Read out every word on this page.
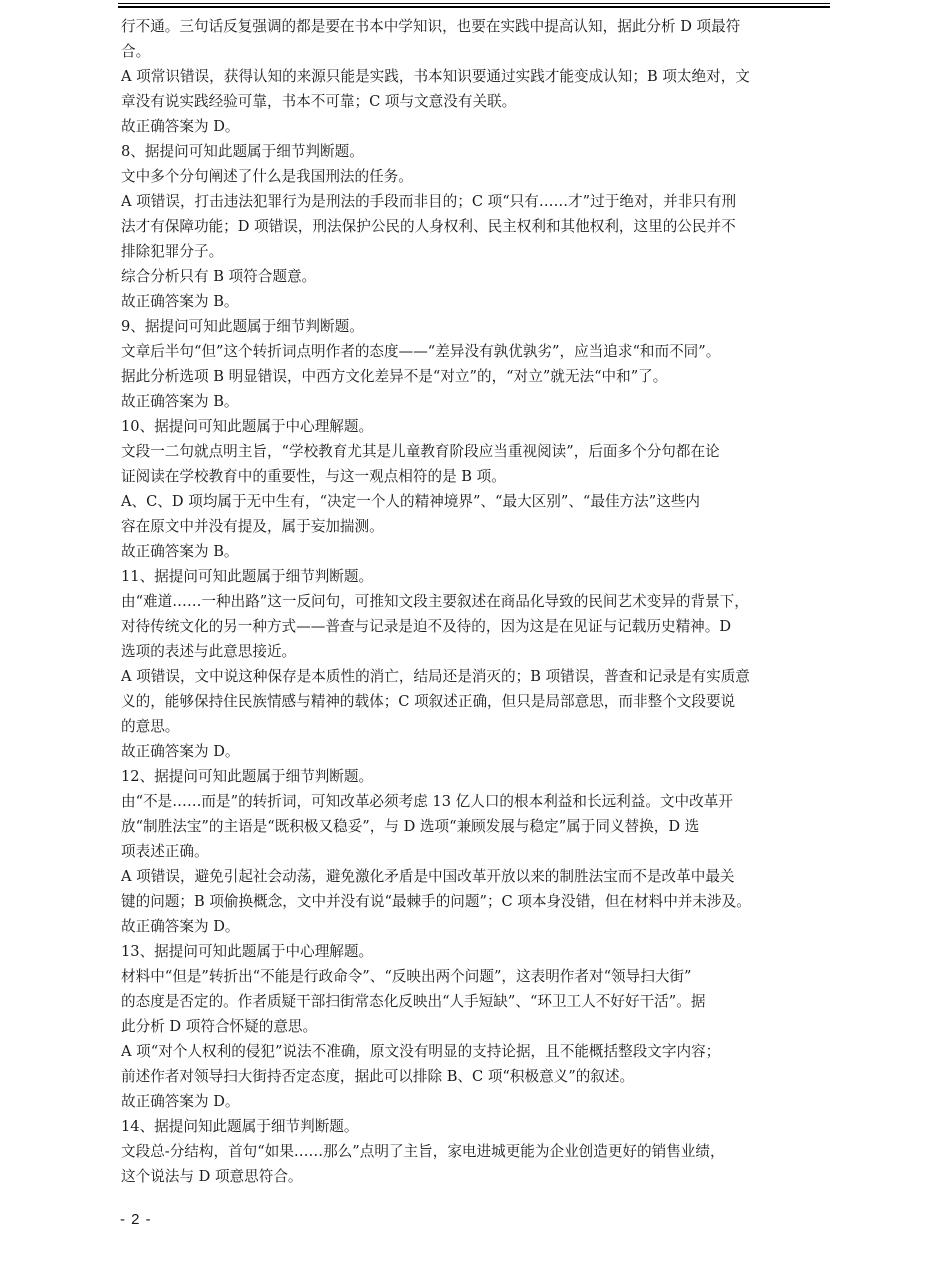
行不通。三句话反复强调的都是要在书本中学知识，也要在实践中提高认知，据此分析 D 项最符
合。
A 项常识错误，获得认知的来源只能是实践，书本知识要通过实践才能变成认知；B 项太绝对，文
章没有说实践经验可靠，书本不可靠；C 项与文意没有关联。
故正确答案为 D。
8、据提问可知此题属于细节判断题。
文中多个分句阐述了什么是我国刑法的任务。
A 项错误，打击违法犯罪行为是刑法的手段而非目的；C 项“只有……才”过于绝对，并非只有刑
法才有保障功能；D 项错误，刑法保护公民的人身权利、民主权利和其他权利，这里的公民并不
排除犯罪分子。
综合分析只有 B 项符合题意。
故正确答案为 B。
9、据提问可知此题属于细节判断题。
文章后半句“但”这个转折词点明作者的态度——“差异没有孰优孰劣”，应当追求“和而不同”。
据此分析选项 B 明显错误，中西方文化差异不是“对立”的，“对立”就无法“中和”了。
故正确答案为 B。
10、据提问可知此题属于中心理解题。
文段一二句就点明主旨，“学校教育尤其是儿童教育阶段应当重视阅读”，后面多个分句都在论
证阅读在学校教育中的重要性，与这一观点相符的是 B 项。
A、C、D 项均属于无中生有，“决定一个人的精神境界”、“最大区别”、“最佳方法”这些内
容在原文中并没有提及，属于妄加揣测。
故正确答案为 B。
11、据提问可知此题属于细节判断题。
由“难道……一种出路”这一反问句，可推知文段主要叙述在商品化导致的民间艺术变异的背景下，
对待传统文化的另一种方式——普查与记录是迫不及待的，因为这是在见证与记载历史精神。D
选项的表述与此意思接近。
A 项错误，文中说这种保存是本质性的消亡，结局还是消灭的；B 项错误，普查和记录是有实质意
义的，能够保持住民族情感与精神的载体；C 项叙述正确，但只是局部意思，而非整个文段要说
的意思。
故正确答案为 D。
12、据提问可知此题属于细节判断题。
由“不是……而是”的转折词，可知改革必须考虑 13 亿人口的根本利益和长远利益。文中改革开
放“制胜法宝”的主语是“既积极又稳妥”，与 D 选项“兼顾发展与稳定”属于同义替换，D 选
项表述正确。
A 项错误，避免引起社会动荡，避免激化矛盾是中国改革开放以来的制胜法宝而不是改革中最关
键的问题；B 项偷换概念，文中并没有说“最棘手的问题”；C 项本身没错，但在材料中并未涉及。
故正确答案为 D。
13、据提问可知此题属于中心理解题。
材料中“但是”转折出“不能是行政命令”、“反映出两个问题”，这表明作者对“领导扫大街”
的态度是否定的。作者质疑干部扫街常态化反映出“人手短缺”、“环卫工人不好好干活”。据
此分析 D 项符合怀疑的意思。
A 项“对个人权利的侵犯”说法不准确，原文没有明显的支持论据，且不能概括整段文字内容；
前述作者对领导扫大街持否定态度，据此可以排除 B、C 项“积极意义”的叙述。
故正确答案为 D。
14、据提问知此题属于细节判断题。
文段总-分结构，首句“如果……那么”点明了主旨，家电进城更能为企业创造更好的销售业绩，
这个说法与 D 项意思符合。
- 2 -
